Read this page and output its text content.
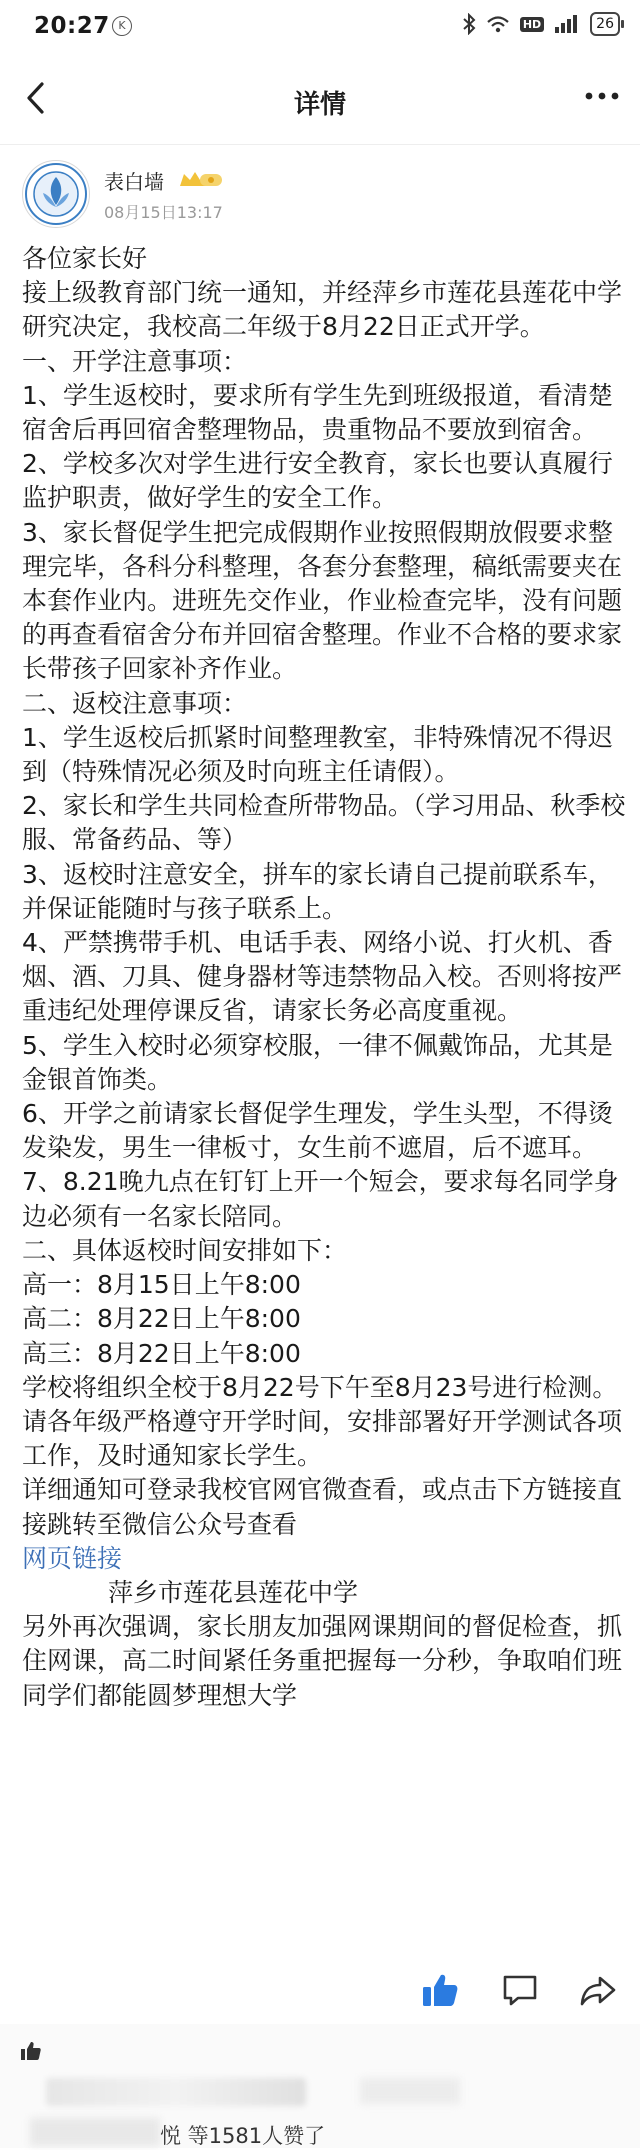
20:27 K	HD	26
详情
表白墙
08月15日13:17

各位家长好

接上级教育部门统一通知，并经萍乡市莲花县莲花中学研究决定，我校高二年级于8月22日正式开学。

一、开学注意事项：

1、学生返校时，要求所有学生先到班级报道，看清楚宿舍后再回宿舍整理物品，贵重物品不要放到宿舍。

2、学校多次对学生进行安全教育，家长也要认真履行监护职责，做好学生的安全工作。

3、家长督促学生把完成假期作业按照假期放假要求整理完毕，各科分科整理，各套分套整理，稿纸需要夹在本套作业内。进班先交作业，作业检查完毕，没有问题的再查看宿舍分布并回宿舍整理。作业不合格的要求家长带孩子回家补齐作业。

二、返校注意事项：

1、学生返校后抓紧时间整理教室，非特殊情况不得迟到（特殊情况必须及时向班主任请假）。

2、家长和学生共同检查所带物品。（学习用品、秋季校服、常备药品、等）

3、返校时注意安全，拼车的家长请自己提前联系车，并保证能随时与孩子联系上。

4、严禁携带手机、电话手表、网络小说、打火机、香烟、酒、刀具、健身器材等违禁物品入校。否则将按严重违纪处理停课反省，请家长务必高度重视。

5、学生入校时必须穿校服，一律不佩戴饰品，尤其是金银首饰类。

6、开学之前请家长督促学生理发，学生头型，不得烫发染发，男生一律板寸，女生前不遮眉，后不遮耳。

7、8.21晚九点在钉钉上开一个短会，要求每名同学身边必须有一名家长陪同。

二、具体返校时间安排如下：

高一：8月15日上午8:00

高二：8月22日上午8:00

高三：8月22日上午8:00

学校将组织全校于8月22号下午至8月23号进行检测。

请各年级严格遵守开学时间，安排部署好开学测试各项工作，及时通知家长学生。

详细通知可登录我校官网官微查看，或点击下方链接直接跳转至微信公众号查看

网页链接

萍乡市莲花县莲花中学

另外再次强调，家长朋友加强网课期间的督促检查，抓住网课，高二时间紧任务重把握每一分秒，争取咱们班同学们都能圆梦理想大学

悦 等1581人赞了
